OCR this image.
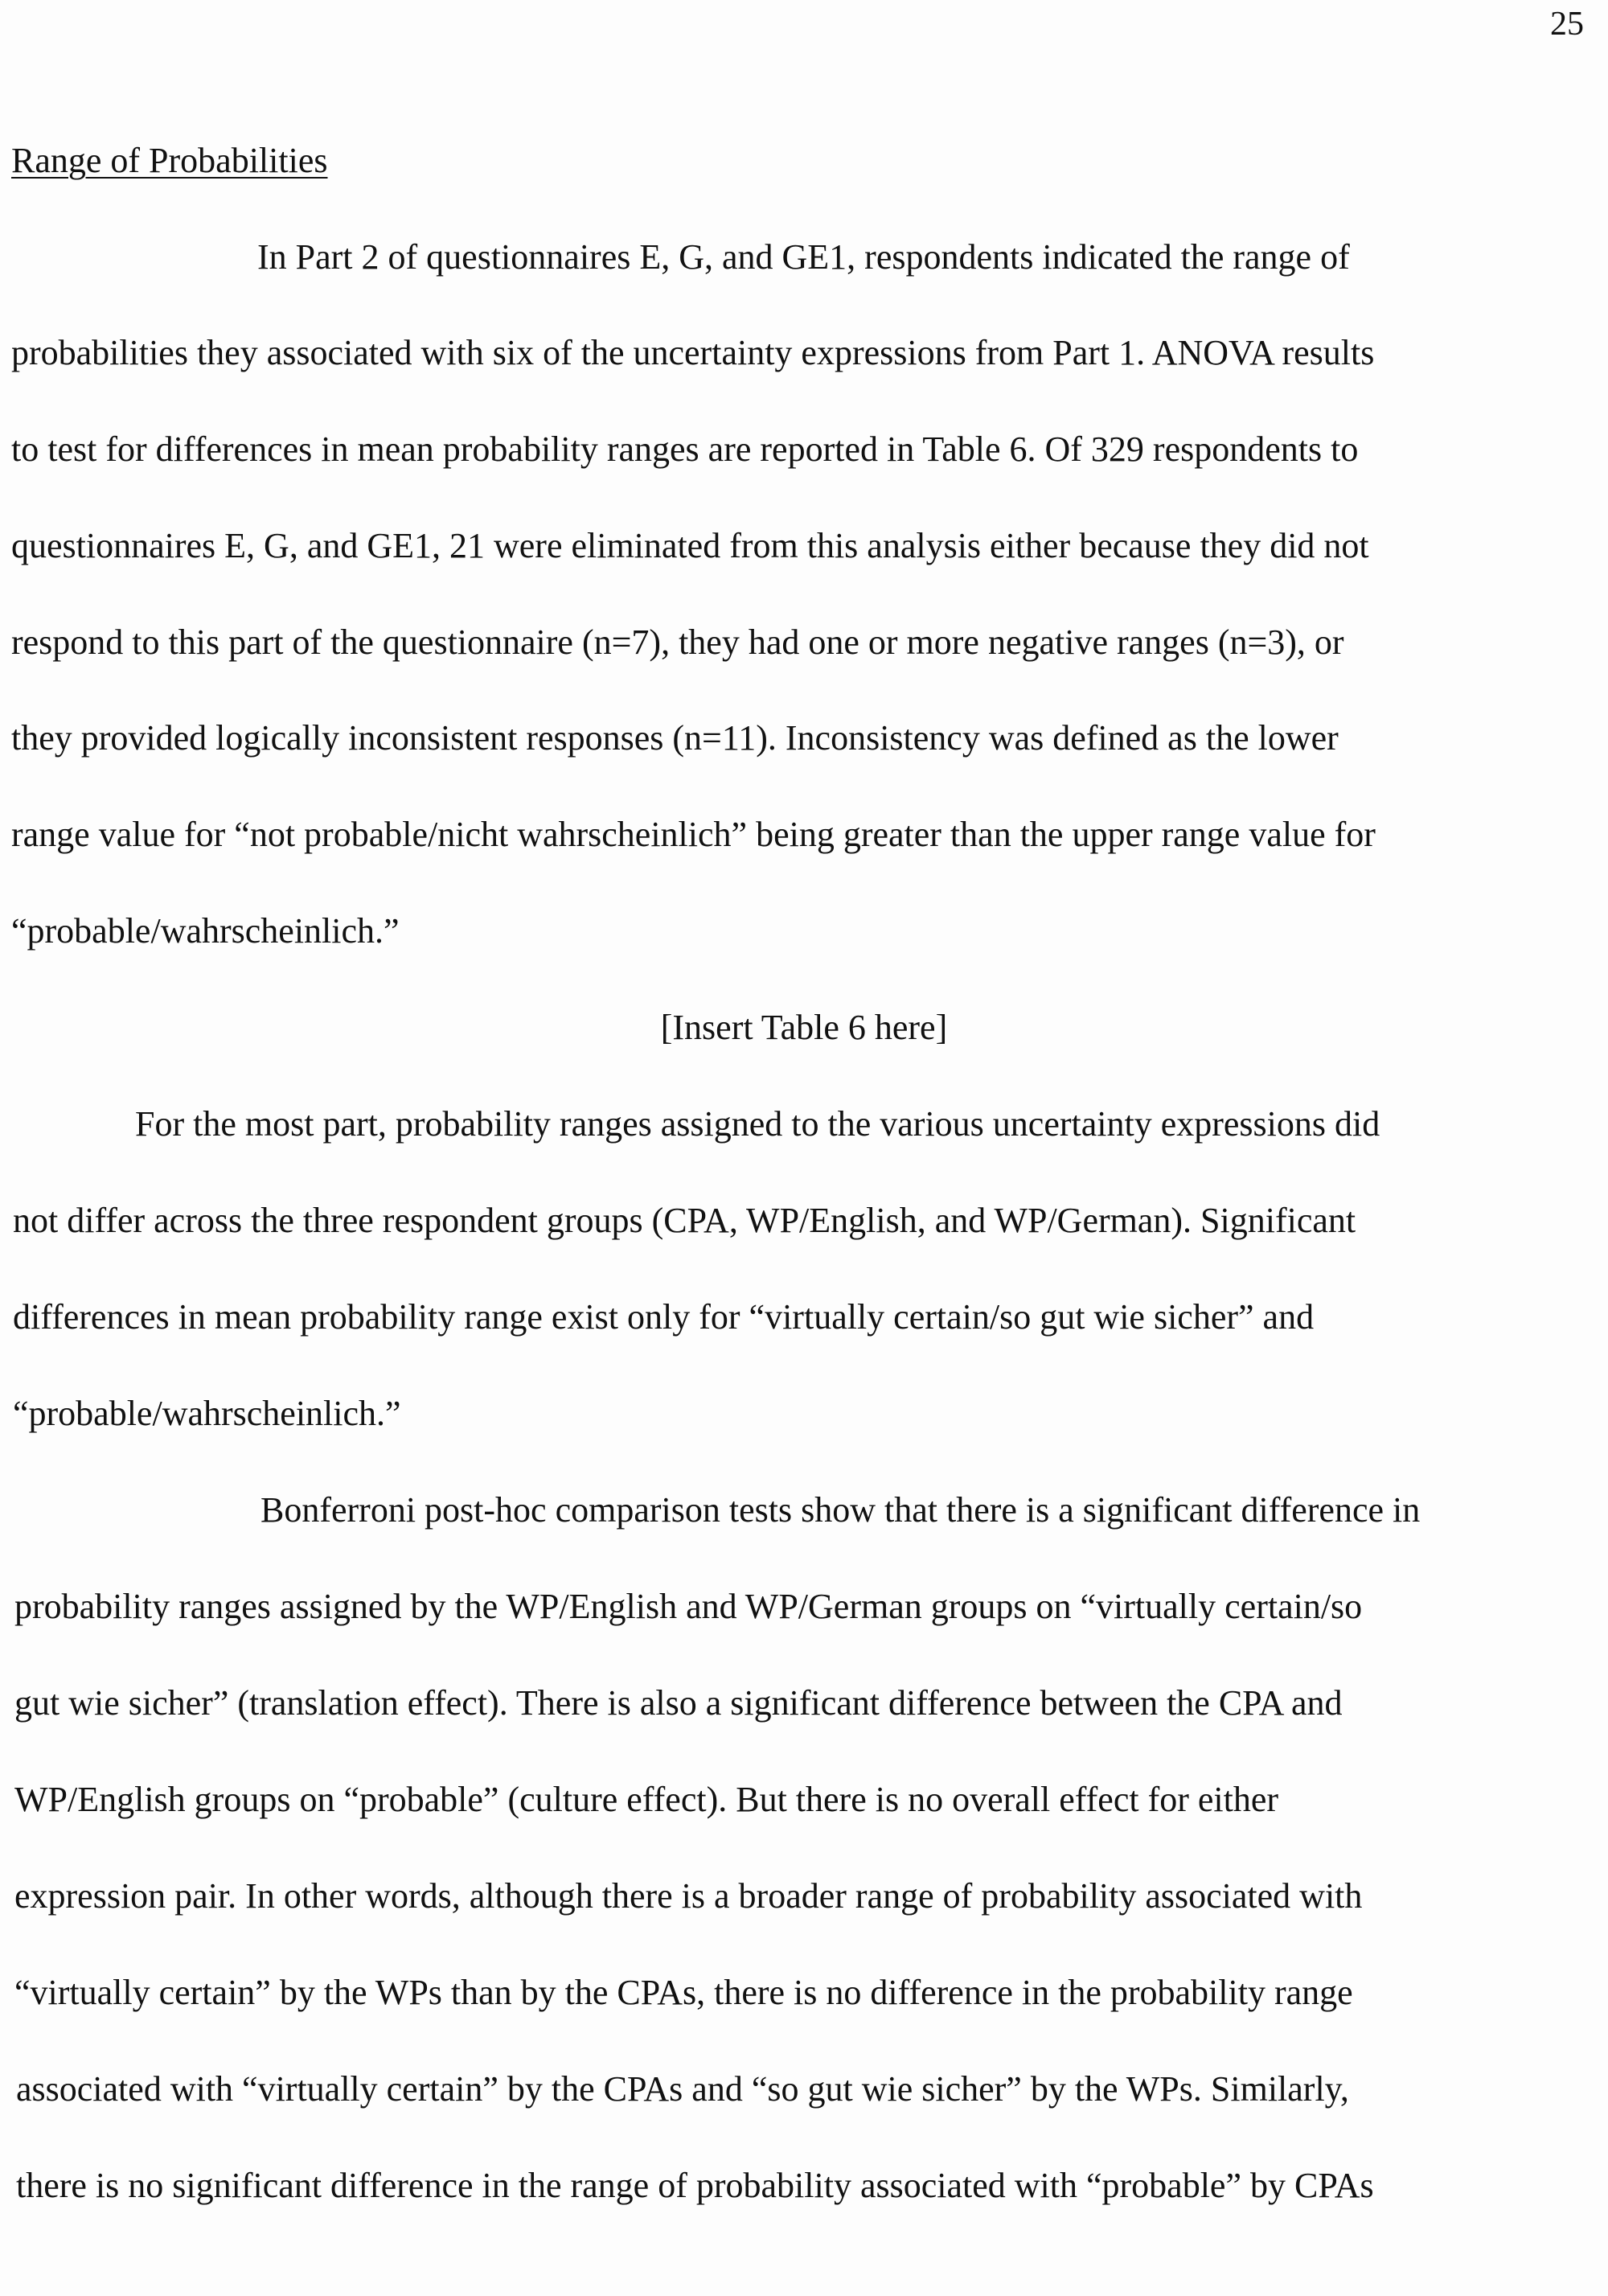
25
Range of Probabilities
In Part 2 of questionnaires E, G, and GE1, respondents indicated the range of
probabilities they associated with six of the uncertainty expressions from Part 1. ANOVA results
to test for differences in mean probability ranges are reported in Table 6. Of 329 respondents to
questionnaires E, G, and GE1, 21 were eliminated from this analysis either because they did not
respond to this part of the questionnaire (n=7), they had one or more negative ranges (n=3), or
they provided logically inconsistent responses (n=11). Inconsistency was defined as the lower
range value for “not probable/nicht wahrscheinlich” being greater than the upper range value for
“probable/wahrscheinlich.”
[Insert Table 6 here]
For the most part, probability ranges assigned to the various uncertainty expressions did
not differ across the three respondent groups (CPA, WP/English, and WP/German). Significant
differences in mean probability range exist only for “virtually certain/so gut wie sicher” and
“probable/wahrscheinlich.”
Bonferroni post-hoc comparison tests show that there is a significant difference in
probability ranges assigned by the WP/English and WP/German groups on “virtually certain/so
gut wie sicher” (translation effect). There is also a significant difference between the CPA and
WP/English groups on “probable” (culture effect). But there is no overall effect for either
expression pair. In other words, although there is a broader range of probability associated with
“virtually certain” by the WPs than by the CPAs, there is no difference in the probability range
associated with “virtually certain” by the CPAs and “so gut wie sicher” by the WPs. Similarly,
there is no significant difference in the range of probability associated with “probable” by CPAs
